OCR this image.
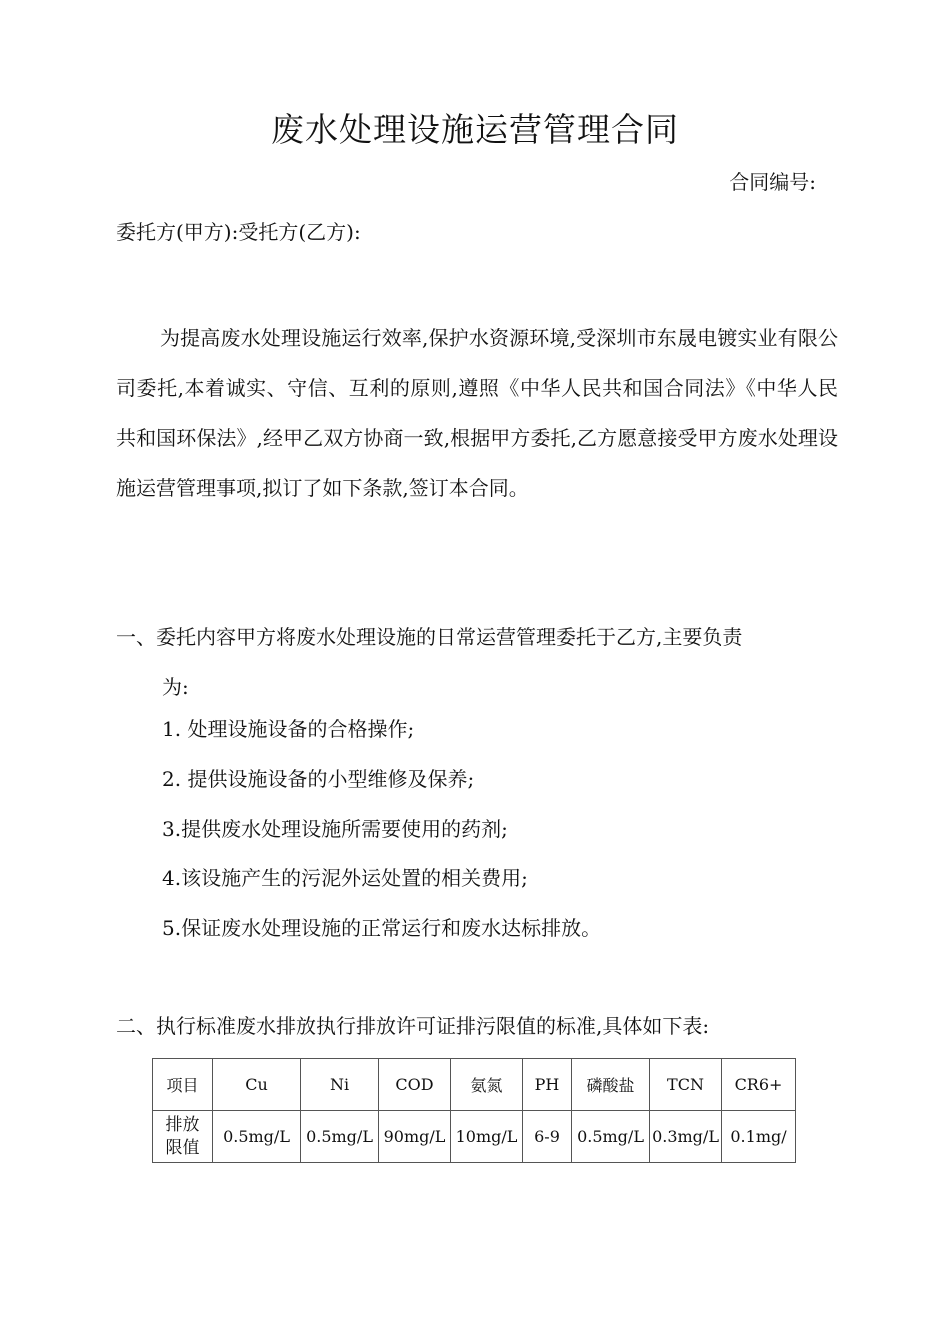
废水处理设施运营管理合同
合同编号:
委托方(甲方):受托方(乙方):

为提高废水处理设施运行效率,保护水资源环境,受深圳市东晟电镀实业有限公司委托,本着诚实、守信、互利的原则,遵照《中华人民共和国合同法》《中华人民共和国环保法》,经甲乙双方协商一致,根据甲方委托,乙方愿意接受甲方废水处理设施运营管理事项,拟订了如下条款,签订本合同。

一、委托内容甲方将废水处理设施的日常运营管理委托于乙方,主要负责
为:
1. 处理设施设备的合格操作;
2. 提供设施设备的小型维修及保养;
3.提供废水处理设施所需要使用的药剂;
4.该设施产生的污泥外运处置的相关费用;
5.保证废水处理设施的正常运行和废水达标排放。
二、执行标准废水排放执行排放许可证排污限值的标准,具体如下表:
项目	Cu	Ni	COD	氨氮	PH	磷酸盐	TCN	CR6+

排放
限值	0.5mg/L	0.5mg/L	90mg/L	10mg/L	6-9	0.5mg/L	0.3mg/L	0.1mg/
